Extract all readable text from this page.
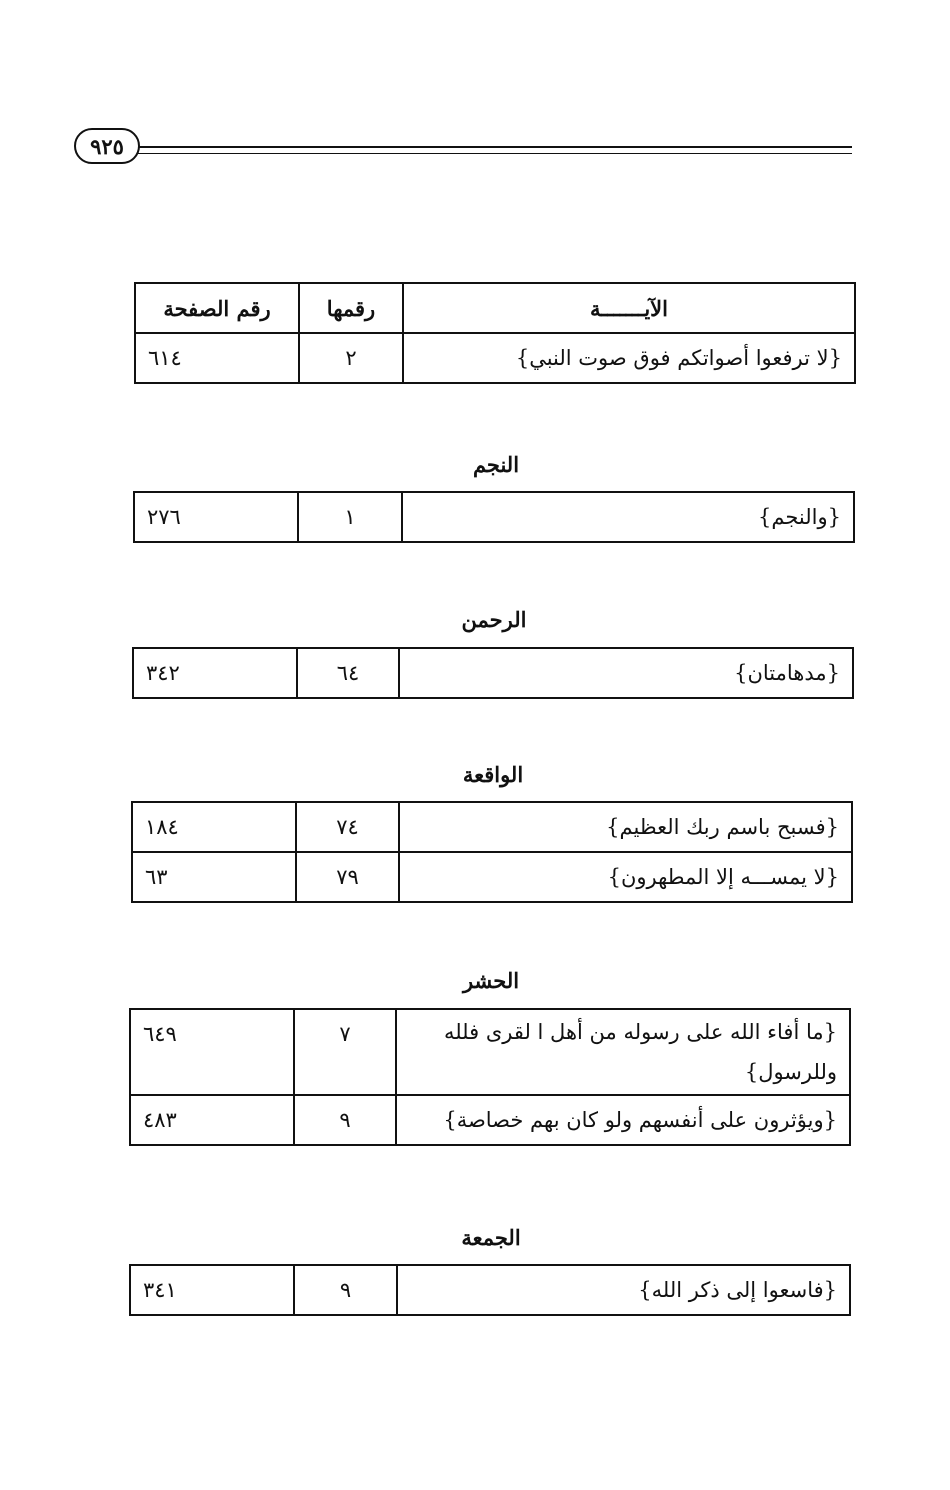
٩٢٥
الآيـــــــة	رقمها	رقم الصفحة
{لا ترفعوا أصواتكم فوق صوت النبي}	٢	٦١٤
النجم
{والنجم}	١	٢٧٦
الرحمن
{مدهامتان}	٦٤	٣٤٢
الواقعة
{فسبح باسم ربك العظيم}	٧٤	١٨٤
{لا يمســـه إلا المطهرون}	٧٩	٦٣
الحشر
{ما أفاء الله على رسوله من أهل ا لقرى فلله
وللرسول}	٧	٦٤٩
{ويؤثرون على أنفسهم ولو كان بهم خصاصة}	٩	٤٨٣
الجمعة
{فاسعوا إلى ذكر الله}	٩	٣٤١
